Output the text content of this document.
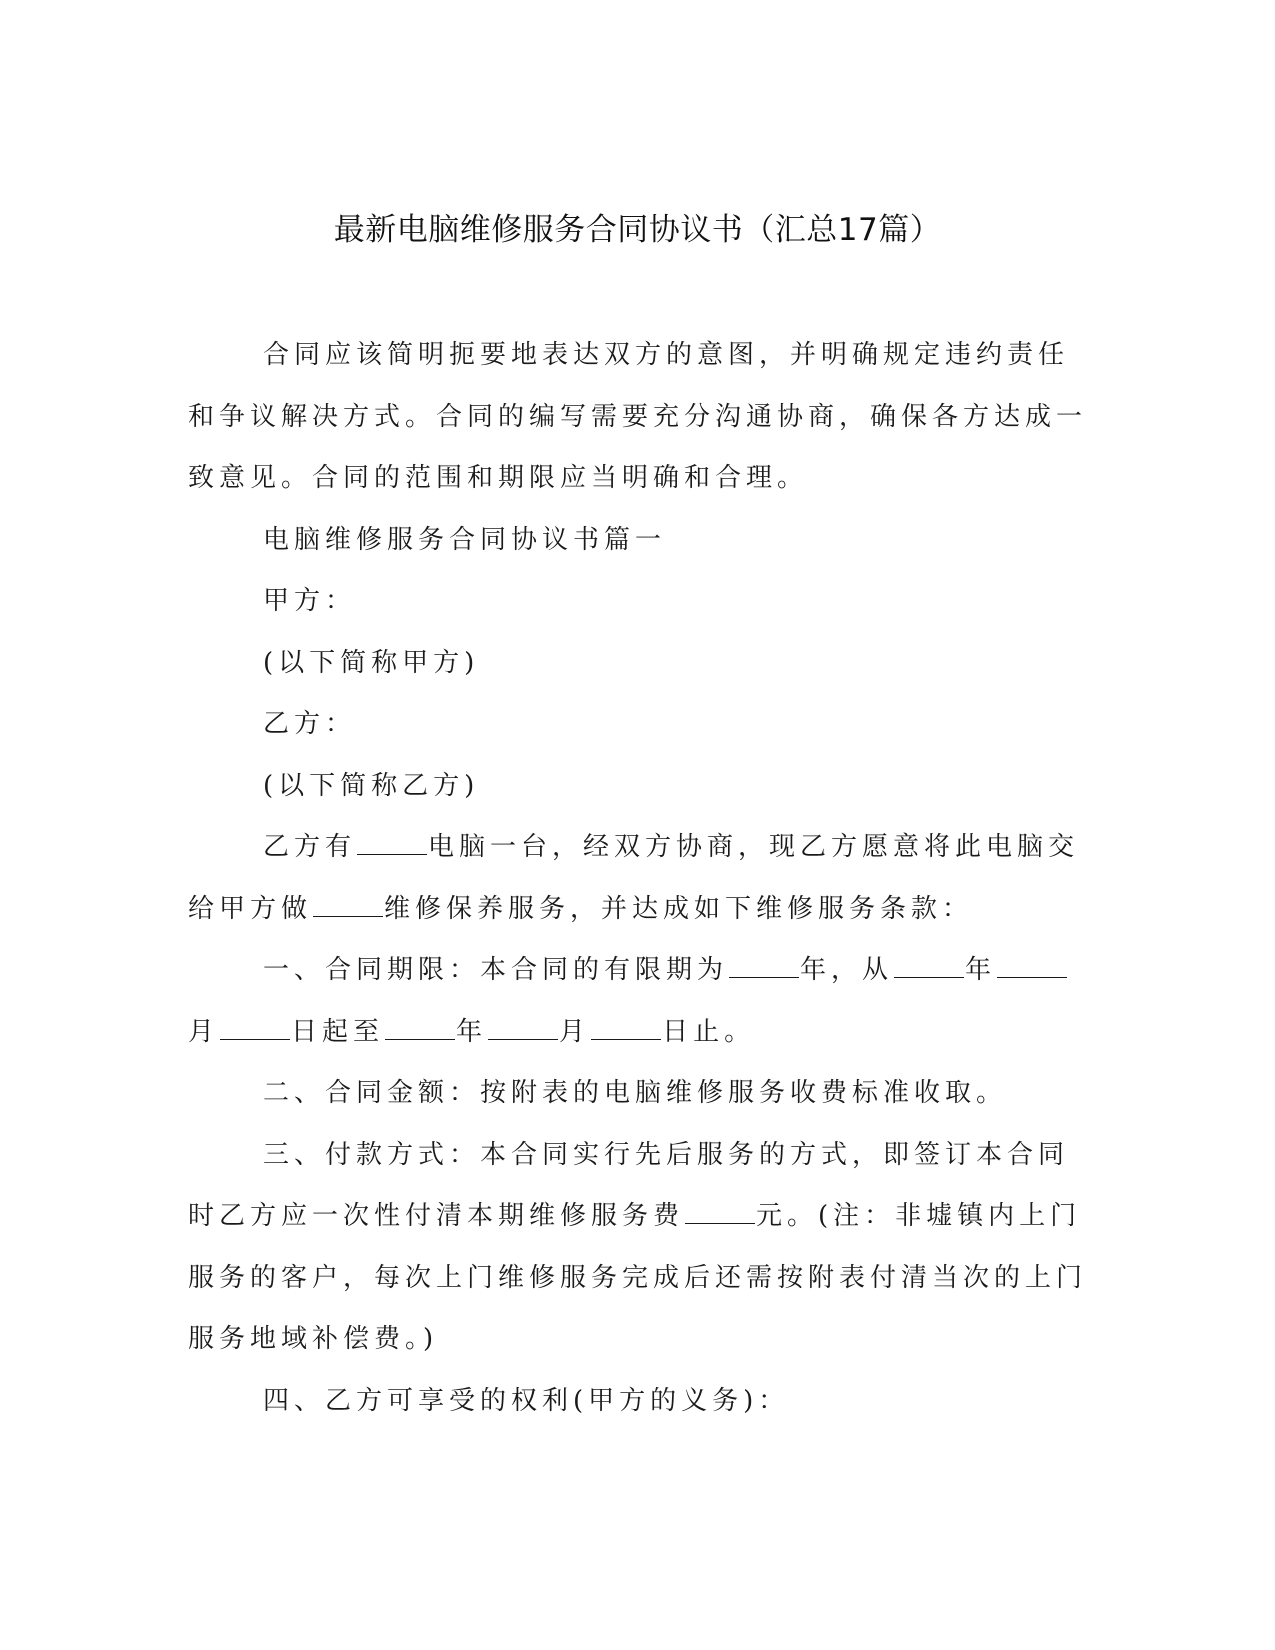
最新电脑维修服务合同协议书（汇总17篇）

合同应该简明扼要地表达双方的意图，并明确规定违约责任和争议解决方式。合同的编写需要充分沟通协商，确保各方达成一致意见。合同的范围和期限应当明确和合理。

电脑维修服务合同协议书篇一

甲方：

(以下简称甲方)

乙方：

(以下简称乙方)

乙方有	电脑一台，经双方协商，现乙方愿意将此电脑交给甲方做	维修保养服务，并达成如下维修服务条款：

一、合同期限：本合同的有限期为	年，从	年月	日起至	年	月	日止。

二、合同金额：按附表的电脑维修服务收费标准收取。

三、付款方式：本合同实行先后服务的方式，即签订本合同时乙方应一次性付清本期维修服务费	元。(注：非墟镇内上门服务的客户，每次上门维修服务完成后还需按附表付清当次的上门服务地域补偿费。)

四、乙方可享受的权利(甲方的义务)：
